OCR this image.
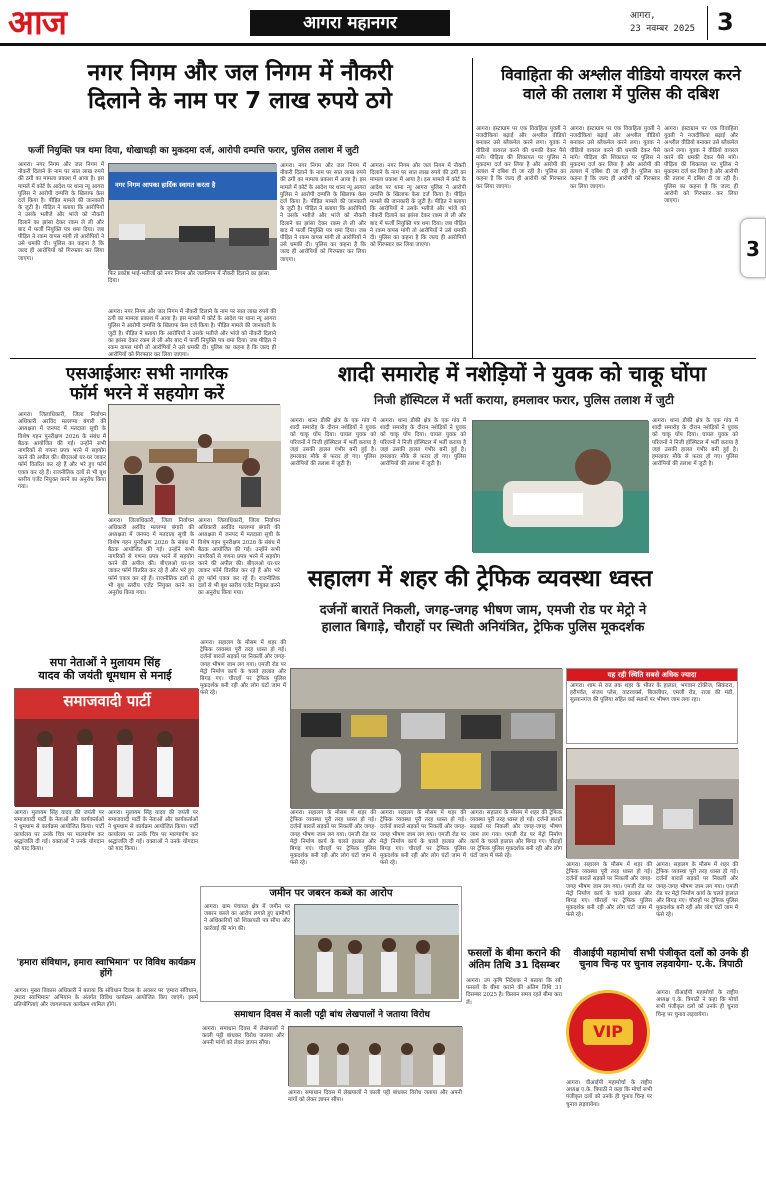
आज	आगरा महानगर	आगरा,
23 नवम्बर 2025 3
3
नगर निगम और जल निगम में नौकरी
दिलाने के नाम पर 7 लाख रुपये ठगे
फर्जी नियुक्ति पत्र थमा दिया, धोखाधड़ी का मुकदमा दर्ज, आरोपी दम्पत्ति फरार, पुलिस तलाश में जुटी
आगरा। नगर निगम और जल निगम में नौकरी दिलाने के नाम पर सात लाख रुपये की ठगी का मामला प्रकाश में आया है। इस मामले में कोर्ट के आदेश पर थाना न्यू आगरा पुलिस ने आरोपी दम्पत्ति के खिलाफ केस दर्ज किया है। पीड़ित मामले की जानकारी के जुटी है। पीड़ित ने बताया कि आरोपियों ने उसके भतीजे और भांजे को नौकरी दिलाने का झांसा देकर रकम ले ली और बाद में फर्जी नियुक्ति पत्र थमा दिया। जब पीड़ित ने रकम वापस मांगी तो आरोपियों ने उसे धमकी दी। पुलिस का कहना है कि जल्द ही आरोपियों को गिरफ्तार कर लिया जाएगा।
नगर निगम आपका हार्दिक स्वागत करता है
फिर प्रकोष्ठ भाई-भतीजों को नगर निगम और जलनिगम में नौकरी दिलाने का झांसा दिया।
आगरा। नगर निगम और जल निगम में नौकरी दिलाने के नाम पर सात लाख रुपये की ठगी का मामला प्रकाश में आया है। इस मामले में कोर्ट के आदेश पर थाना न्यू आगरा पुलिस ने आरोपी दम्पत्ति के खिलाफ केस दर्ज किया है। पीड़ित मामले की जानकारी के जुटी है। पीड़ित ने बताया कि आरोपियों ने उसके भतीजे और भांजे को नौकरी दिलाने का झांसा देकर रकम ले ली और बाद में फर्जी नियुक्ति पत्र थमा दिया। जब पीड़ित ने रकम वापस मांगी तो आरोपियों ने उसे धमकी दी। पुलिस का कहना है कि जल्द ही आरोपियों को गिरफ्तार कर लिया जाएगा।
आगरा। नगर निगम और जल निगम में नौकरी दिलाने के नाम पर सात लाख रुपये की ठगी का मामला प्रकाश में आया है। इस मामले में कोर्ट के आदेश पर थाना न्यू आगरा पुलिस ने आरोपी दम्पत्ति के खिलाफ केस दर्ज किया है। पीड़ित मामले की जानकारी के जुटी है। पीड़ित ने बताया कि आरोपियों ने उसके भतीजे और भांजे को नौकरी दिलाने का झांसा देकर रकम ले ली और बाद में फर्जी नियुक्ति पत्र थमा दिया। जब पीड़ित ने रकम वापस मांगी तो आरोपियों ने उसे धमकी दी। पुलिस का कहना है कि जल्द ही आरोपियों को गिरफ्तार कर लिया जाएगा।
आगरा। नगर निगम और जल निगम में नौकरी दिलाने के नाम पर सात लाख रुपये की ठगी का मामला प्रकाश में आया है। इस मामले में कोर्ट के आदेश पर थाना न्यू आगरा पुलिस ने आरोपी दम्पत्ति के खिलाफ केस दर्ज किया है। पीड़ित मामले की जानकारी के जुटी है। पीड़ित ने बताया कि आरोपियों ने उसके भतीजे और भांजे को नौकरी दिलाने का झांसा देकर रकम ले ली और बाद में फर्जी नियुक्ति पत्र थमा दिया। जब पीड़ित ने रकम वापस मांगी तो आरोपियों ने उसे धमकी दी। पुलिस का कहना है कि जल्द ही आरोपियों को गिरफ्तार कर लिया जाएगा।
विवाहिता की अश्लील वीडियो वायरल करने
वाले की तलाश में पुलिस की दबिश
आगरा। इंस्टाग्राम पर एक विवाहिता युवती ने नजदीकियां बढ़ाई और अश्लील वीडियो बनाकर उसे ब्लैकमेल करने लगा। युवक ने वीडियो वायरल करने की धमकी देकर पैसे मांगे। पीड़िता की शिकायत पर पुलिस ने मुकदमा दर्ज कर लिया है और आरोपी की तलाश में दबिश दी जा रही है। पुलिस का कहना है कि जल्द ही आरोपी को गिरफ्तार कर लिया जाएगा।
आगरा। इंस्टाग्राम पर एक विवाहिता युवती ने नजदीकियां बढ़ाई और अश्लील वीडियो बनाकर उसे ब्लैकमेल करने लगा। युवक ने वीडियो वायरल करने की धमकी देकर पैसे मांगे। पीड़िता की शिकायत पर पुलिस ने मुकदमा दर्ज कर लिया है और आरोपी की तलाश में दबिश दी जा रही है। पुलिस का कहना है कि जल्द ही आरोपी को गिरफ्तार कर लिया जाएगा।
आगरा। इंस्टाग्राम पर एक विवाहिता युवती ने नजदीकियां बढ़ाई और अश्लील वीडियो बनाकर उसे ब्लैकमेल करने लगा। युवक ने वीडियो वायरल करने की धमकी देकर पैसे मांगे। पीड़िता की शिकायत पर पुलिस ने मुकदमा दर्ज कर लिया है और आरोपी की तलाश में दबिश दी जा रही है। पुलिस का कहना है कि जल्द ही आरोपी को गिरफ्तार कर लिया जाएगा।
एसआईआरः सभी नागरिक
फॉर्म भरने में सहयोग करें
आगरा। जिलाधिकारी, जिला निर्वाचन अधिकारी अरविंद मल्लप्पा बंगारी की अध्यक्षता में जनपद में मतदाता सूची के विशेष गहन पुनरीक्षण 2026 के संबंध में बैठक आयोजित की गई। उन्होंने सभी नागरिकों से गणना प्रपत्र भरने में सहयोग करने की अपील की। बीएलओ घर-घर जाकर फॉर्म वितरित कर रहे हैं और भरे हुए फॉर्म एकत्र कर रहे हैं। राजनीतिक दलों से भी बूथ स्तरीय एजेंट नियुक्त करने का अनुरोध किया गया।
आगरा। जिलाधिकारी, जिला निर्वाचन अधिकारी अरविंद मल्लप्पा बंगारी की अध्यक्षता में जनपद में मतदाता सूची के विशेष गहन पुनरीक्षण 2026 के संबंध में बैठक आयोजित की गई। उन्होंने सभी नागरिकों से गणना प्रपत्र भरने में सहयोग करने की अपील की। बीएलओ घर-घर जाकर फॉर्म वितरित कर रहे हैं और भरे हुए फॉर्म एकत्र कर रहे हैं। राजनीतिक दलों से भी बूथ स्तरीय एजेंट नियुक्त करने का अनुरोध किया गया।
आगरा। जिलाधिकारी, जिला निर्वाचन अधिकारी अरविंद मल्लप्पा बंगारी की अध्यक्षता में जनपद में मतदाता सूची के विशेष गहन पुनरीक्षण 2026 के संबंध में बैठक आयोजित की गई। उन्होंने सभी नागरिकों से गणना प्रपत्र भरने में सहयोग करने की अपील की। बीएलओ घर-घर जाकर फॉर्म वितरित कर रहे हैं और भरे हुए फॉर्म एकत्र कर रहे हैं। राजनीतिक दलों से भी बूथ स्तरीय एजेंट नियुक्त करने का अनुरोध किया गया।
शादी समारोह में नशेड़ियों ने युवक को चाकू घोंपा
निजी हॉस्पिटल में भर्ती कराया, हमलावर फरार, पुलिस तलाश में जुटी
आगरा। थाना डौकी क्षेत्र के एक गांव में शादी समारोह के दौरान नशेड़ियों ने युवक को चाकू घोंप दिया। घायल युवक को परिजनों ने निजी हॉस्पिटल में भर्ती कराया है जहां उसकी हालत गंभीर बनी हुई है। हमलावर मौके से फरार हो गए। पुलिस आरोपियों की तलाश में जुटी है।
आगरा। थाना डौकी क्षेत्र के एक गांव में शादी समारोह के दौरान नशेड़ियों ने युवक को चाकू घोंप दिया। घायल युवक को परिजनों ने निजी हॉस्पिटल में भर्ती कराया है जहां उसकी हालत गंभीर बनी हुई है। हमलावर मौके से फरार हो गए। पुलिस आरोपियों की तलाश में जुटी है।
आगरा। थाना डौकी क्षेत्र के एक गांव में शादी समारोह के दौरान नशेड़ियों ने युवक को चाकू घोंप दिया। घायल युवक को परिजनों ने निजी हॉस्पिटल में भर्ती कराया है जहां उसकी हालत गंभीर बनी हुई है। हमलावर मौके से फरार हो गए। पुलिस आरोपियों की तलाश में जुटी है।
सहालग में शहर की ट्रेफिक व्यवस्था ध्वस्त
दर्जनों बारातें निकली, जगह-जगह भीषण जाम, एमजी रोड पर मेट्रो ने
हालात बिगाड़े, चौराहों पर स्थिती अनियंत्रित, ट्रेफिक पुलिस मूकदर्शक
आगरा। सहालग के मौसम में शहर की ट्रेफिक व्यवस्था पूरी तरह ध्वस्त हो गई। दर्जनों बारातें सड़कों पर निकलीं और जगह-जगह भीषण जाम लग गया। एमजी रोड पर मेट्रो निर्माण कार्य के चलते हालात और बिगड़ गए। चौराहों पर ट्रेफिक पुलिस मूकदर्शक बनी रही और लोग घंटों जाम में फंसे रहे।
आगरा। सहालग के मौसम में शहर की ट्रेफिक व्यवस्था पूरी तरह ध्वस्त हो गई। दर्जनों बारातें सड़कों पर निकलीं और जगह-जगह भीषण जाम लग गया। एमजी रोड पर मेट्रो निर्माण कार्य के चलते हालात और बिगड़ गए। चौराहों पर ट्रेफिक पुलिस मूकदर्शक बनी रही और लोग घंटों जाम में फंसे रहे।
आगरा। सहालग के मौसम में शहर की ट्रेफिक व्यवस्था पूरी तरह ध्वस्त हो गई। दर्जनों बारातें सड़कों पर निकलीं और जगह-जगह भीषण जाम लग गया। एमजी रोड पर मेट्रो निर्माण कार्य के चलते हालात और बिगड़ गए। चौराहों पर ट्रेफिक पुलिस मूकदर्शक बनी रही और लोग घंटों जाम में फंसे रहे।
आगरा। सहालग के मौसम में शहर की ट्रेफिक व्यवस्था पूरी तरह ध्वस्त हो गई। दर्जनों बारातें सड़कों पर निकलीं और जगह-जगह भीषण जाम लग गया। एमजी रोड पर मेट्रो निर्माण कार्य के चलते हालात और बिगड़ गए। चौराहों पर ट्रेफिक पुलिस मूकदर्शक बनी रही और लोग घंटों जाम में फंसे रहे।
यह रही स्थिति सबसे अधिक ज्यादा
आगरा। शाम से रात तक शहर के भीतर के हालात, भगवान टॉकीज, सिकंदरा, हरीपर्वत, संजय प्लेस, वाटरवर्क्स, बिजलीघर, एमजी रोड, राजा की मंडी, सुल्तानगंज की पुलिया सहित कई स्थानों पर भीषण जाम लगा रहा।
आगरा। सहालग के मौसम में शहर की ट्रेफिक व्यवस्था पूरी तरह ध्वस्त हो गई। दर्जनों बारातें सड़कों पर निकलीं और जगह-जगह भीषण जाम लग गया। एमजी रोड पर मेट्रो निर्माण कार्य के चलते हालात और बिगड़ गए। चौराहों पर ट्रेफिक पुलिस मूकदर्शक बनी रही और लोग घंटों जाम में फंसे रहे।
आगरा। सहालग के मौसम में शहर की ट्रेफिक व्यवस्था पूरी तरह ध्वस्त हो गई। दर्जनों बारातें सड़कों पर निकलीं और जगह-जगह भीषण जाम लग गया। एमजी रोड पर मेट्रो निर्माण कार्य के चलते हालात और बिगड़ गए। चौराहों पर ट्रेफिक पुलिस मूकदर्शक बनी रही और लोग घंटों जाम में फंसे रहे।
सपा नेताओं ने मुलायम सिंह
यादव की जयंती धूमधाम से मनाई
समाजवादी पार्टी
आगरा। मुलायम सिंह यादव की जयंती पर समाजवादी पार्टी के नेताओं और कार्यकर्ताओं ने धूमधाम से कार्यक्रम आयोजित किया। पार्टी कार्यालय पर उनके चित्र पर माल्यार्पण कर श्रद्धांजलि दी गई। वक्ताओं ने उनके योगदान को याद किया।
आगरा। मुलायम सिंह यादव की जयंती पर समाजवादी पार्टी के नेताओं और कार्यकर्ताओं ने धूमधाम से कार्यक्रम आयोजित किया। पार्टी कार्यालय पर उनके चित्र पर माल्यार्पण कर श्रद्धांजलि दी गई। वक्ताओं ने उनके योगदान को याद किया।
'हमारा संविधान, हमारा स्वाभिमान' पर विविध कार्यक्रम होंगे
आगरा। मुख्य विकास अधिकारी ने बताया कि संविधान दिवस के अवसर पर 'हमारा संविधान, हमारा स्वाभिमान' अभियान के अंतर्गत विविध कार्यक्रम आयोजित किए जाएंगे। इसमें प्रतियोगिताएं और जागरूकता कार्यक्रम शामिल होंगे।
जमीन पर जबरन कब्जे का आरोप
आगरा। ग्राम पंचायत क्षेत्र में जमीन पर जबरन कब्जे का आरोप लगाते हुए ग्रामीणों ने अधिकारियों को शिकायती पत्र सौंपा और कार्रवाई की मांग की।
समाधान दिवस में काली पट्टी बांध लेखपालों ने जताया विरोध
आगरा। समाधान दिवस में लेखपालों ने काली पट्टी बांधकर विरोध जताया और अपनी मांगों को लेकर ज्ञापन सौंपा।
आगरा। समाधान दिवस में लेखपालों ने काली पट्टी बांधकर विरोध जताया और अपनी मांगों को लेकर ज्ञापन सौंपा।
फसलों के बीमा कराने की अंतिम तिथि 31 दिसम्बर
आगरा। उप कृषि निदेशक ने बताया कि रबी फसलों के बीमा कराने की अंतिम तिथि 31 दिसम्बर 2025 है। किसान समय रहते बीमा करा लें।
वीआईपी महामोर्चा सभी पंजीकृत दलों को उनके ही
चुनाव चिन्ह पर चुनाव लड़वायेगा- ए.के. त्रिपाठी
VIP
आगरा। वीआईपी महामोर्चा के राष्ट्रीय अध्यक्ष ए.के. त्रिपाठी ने कहा कि मोर्चा सभी पंजीकृत दलों को उनके ही चुनाव चिन्ह पर चुनाव लड़वायेगा।
आगरा। वीआईपी महामोर्चा के राष्ट्रीय अध्यक्ष ए.के. त्रिपाठी ने कहा कि मोर्चा सभी पंजीकृत दलों को उनके ही चुनाव चिन्ह पर चुनाव लड़वायेगा।
